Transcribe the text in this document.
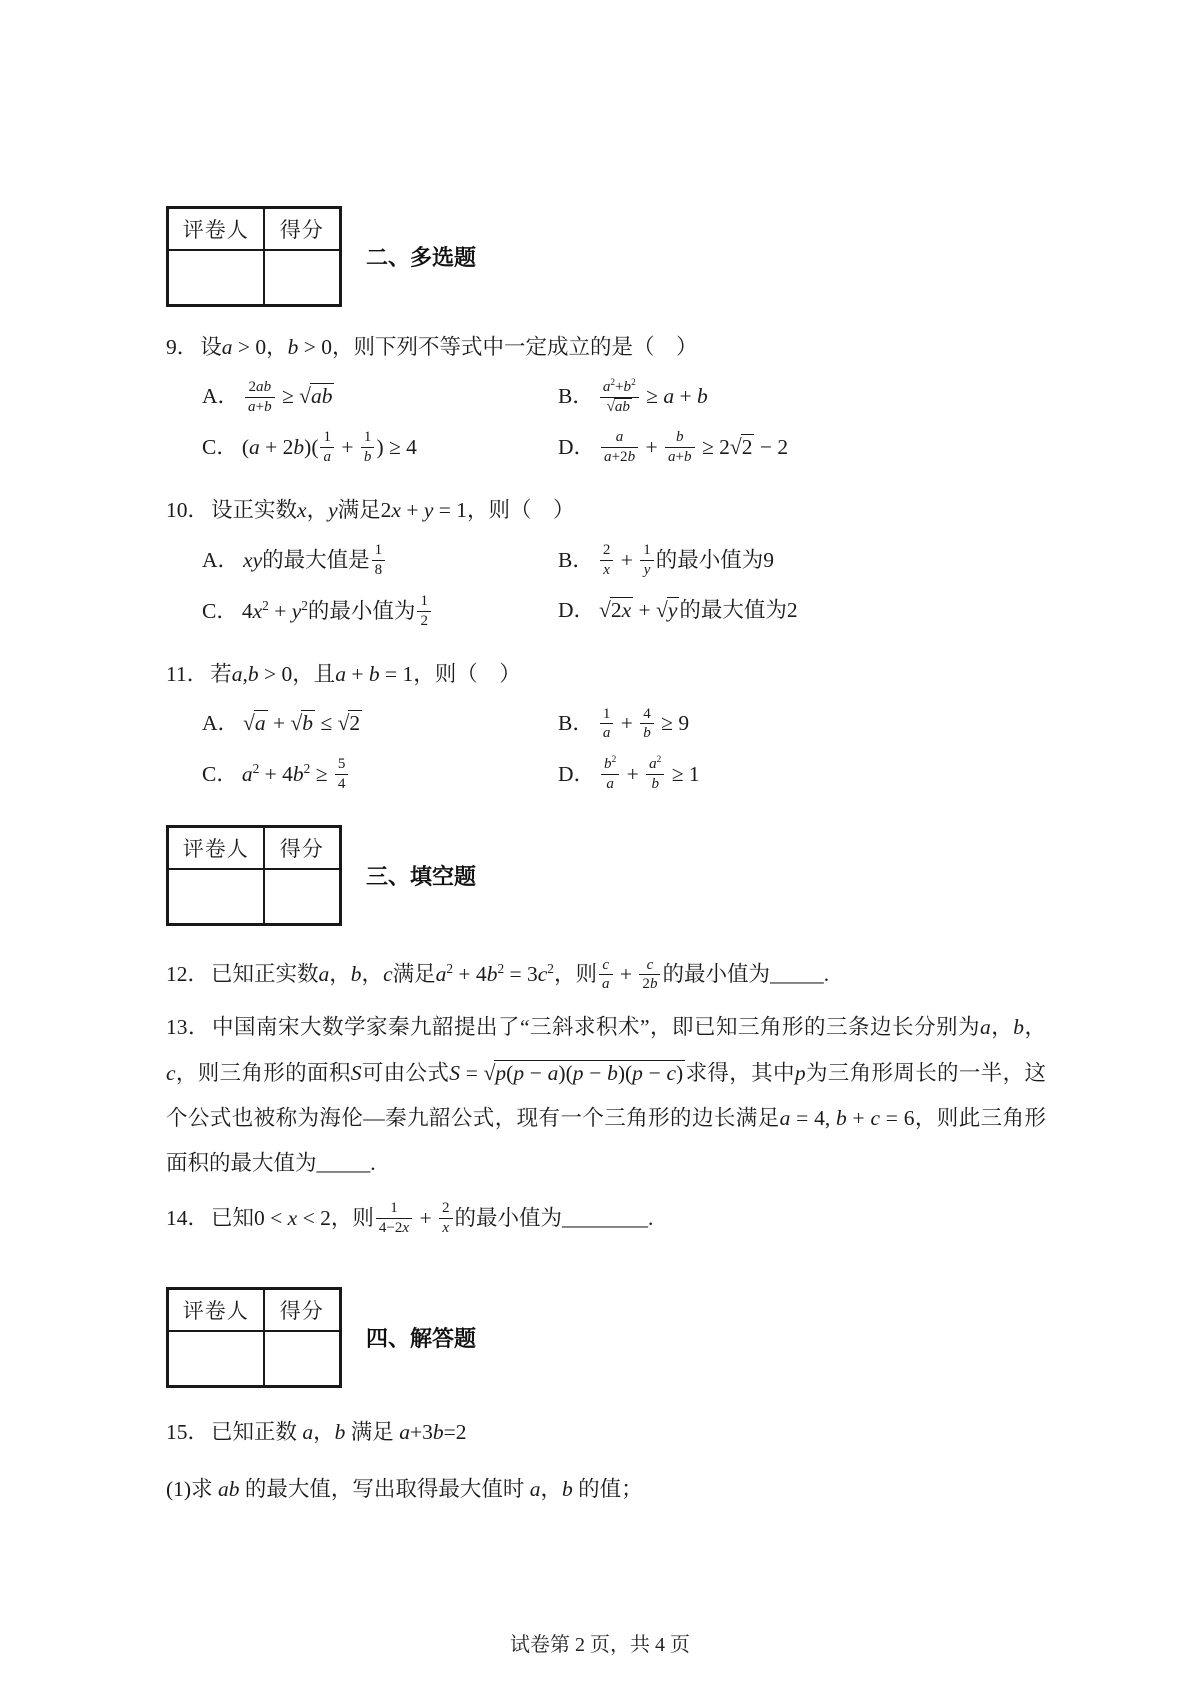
评卷人	得分

二、多选题
9．设a > 0，b > 0，则下列不等式中一定成立的是（　）
A． $\frac{2ab}{a+b} \ge √ab$	B． $\frac{a^2+b^2}{√ab} \ge a + b$
C． $(a + 2b)( \frac{1}{a} + \frac{1}{b}$ ) ≥ 4	D． $\frac{a}{a+2b} + \frac{b}{a+b} \ge 2√2 - 2$
10．设正实数x，y满足2x + y = 1，则（　）
A． xy的最大值是 $\frac{1}{8}$	B． $\frac{2}{x} + \frac{1}{y}$ 的最小值为9
C． $4x^2 + y^2$的最小值为 $\frac{1}{2}$	D． √2x + √y的最大值为2
11．若a,b > 0，且a + b = 1，则（　）
A． √a + √b ≤ √2	B． $\frac{1}{a} + \frac{4}{b} \ge 9$
C． $a^2 + 4b^2 \ge \frac{5}{4}$	D． $\frac{b^2}{a} + \frac{a^2}{b} \ge 1$
评卷人	得分

三、填空题
12．已知正实数a，b，c满足$a^2 + 4b^2 = 3c^2$，则 $\frac{c}{a} + \frac{c}{2b}$ 的最小值为_____.
13．中国南宋大数学家秦九韶提出了“三斜求积术”，即已知三角形的三条边长分别为a，b，c，则三角形的面积S可由公式S = √p(p − a)(p − b)(p − c)求得，其中p为三角形周长的一半，这个公式也被称为海伦—秦九韶公式，现有一个三角形的边长满足a = 4, b + c = 6，则此三角形面积的最大值为_____.
14．已知0 < x < 2，则 $\frac{1}{4-2x} + \frac{2}{x}$ 的最小值为________.
评卷人	得分

四、解答题
15．已知正数 a，b 满足 a+3b=2
(1)求 ab 的最大值，写出取得最大值时 a，b 的值；
试卷第 2 页，共 4 页
